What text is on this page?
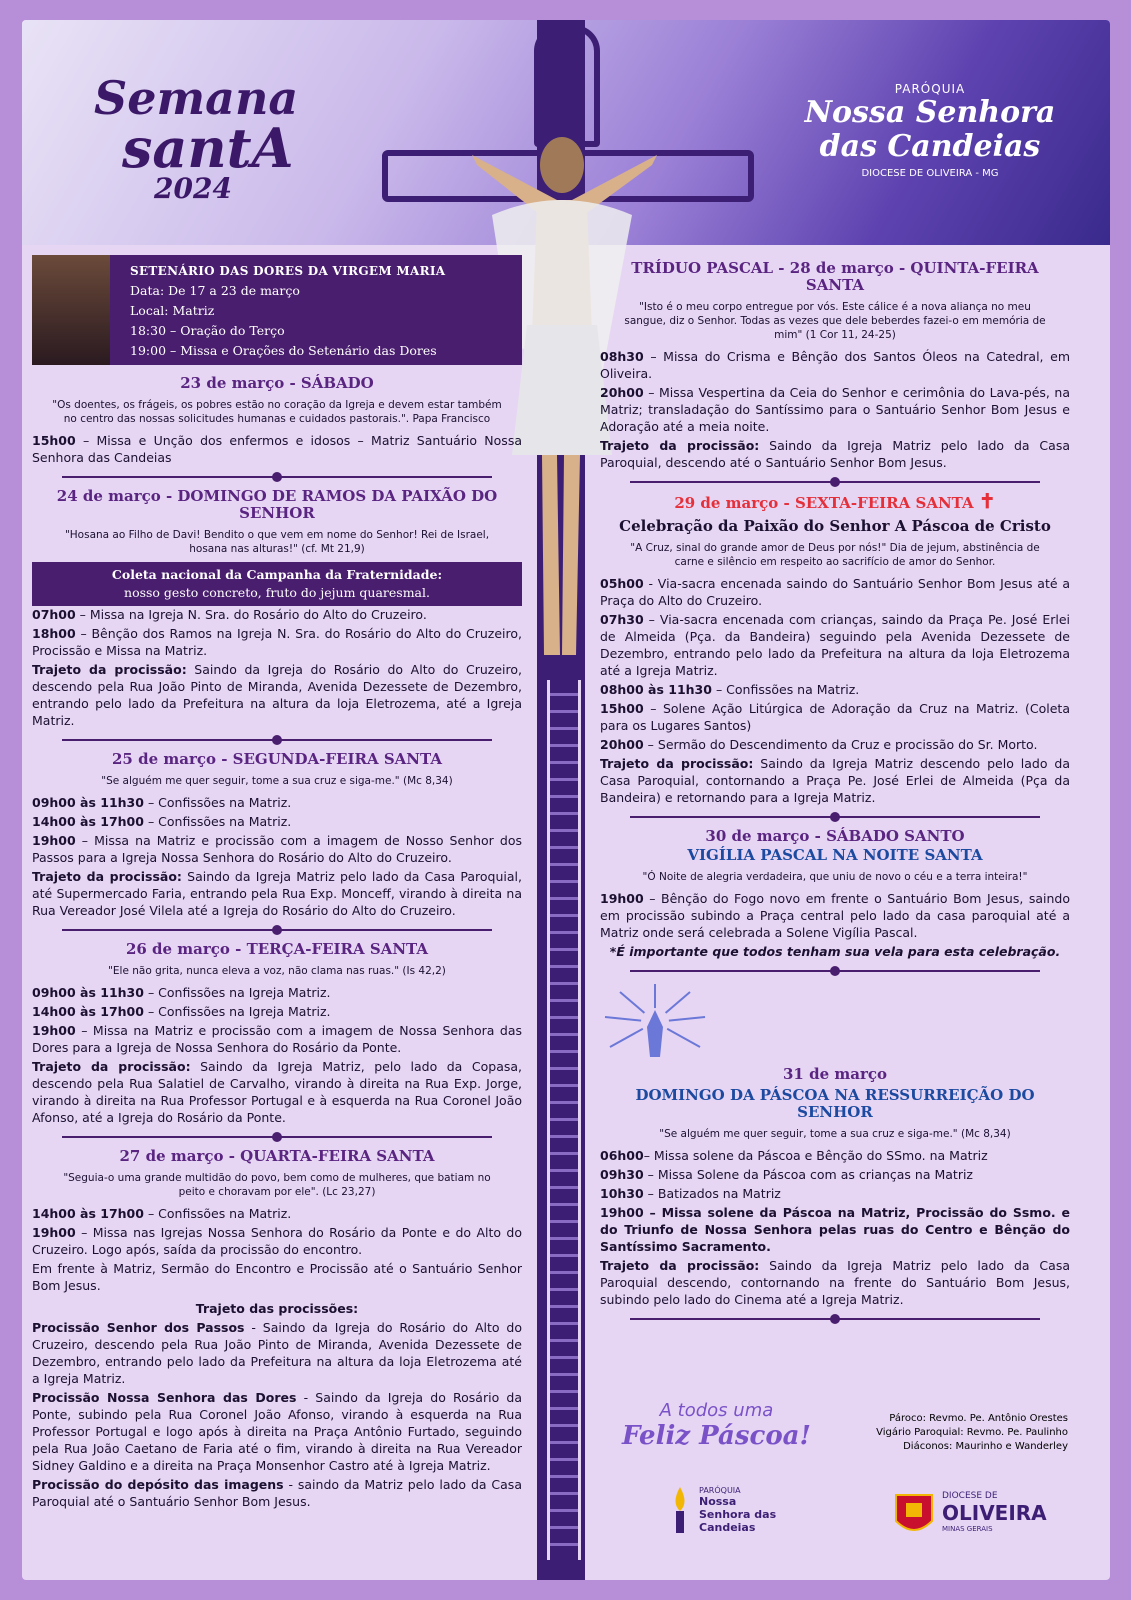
Semana
santA
2024
PARÓQUIA
Nossa Senhora das Candeias
DIOCESE DE OLIVEIRA - MG
SETENÁRIO DAS DORES DA VIRGEM MARIA
Data: De 17 a 23 de março
Local: Matriz
18:30 – Oração do Terço
19:00 – Missa e Orações do Setenário das Dores
23 de março - SÁBADO
"Os doentes, os frágeis, os pobres estão no coração da Igreja e devem estar também no centro das nossas solicitudes humanas e cuidados pastorais.". Papa Francisco
15h00 – Missa e Unção dos enfermos e idosos – Matriz Santuário Nossa Senhora das Candeias
24 de março - DOMINGO DE RAMOS DA PAIXÃO DO SENHOR
"Hosana ao Filho de Davi! Bendito o que vem em nome do Senhor! Rei de Israel, hosana nas alturas!" (cf. Mt 21,9)
Coleta nacional da Campanha da Fraternidade:
nosso gesto concreto, fruto do jejum quaresmal.
07h00 – Missa na Igreja N. Sra. do Rosário do Alto do Cruzeiro.
18h00 – Bênção dos Ramos na Igreja N. Sra. do Rosário do Alto do Cruzeiro, Procissão e Missa na Matriz.
Trajeto da procissão: Saindo da Igreja do Rosário do Alto do Cruzeiro, descendo pela Rua João Pinto de Miranda, Avenida Dezessete de Dezembro, entrando pelo lado da Prefeitura na altura da loja Eletrozema, até a Igreja Matriz.
25 de março - SEGUNDA-FEIRA SANTA
"Se alguém me quer seguir, tome a sua cruz e siga-me." (Mc 8,34)
09h00 às 11h30 – Confissões na Matriz.
14h00 às 17h00 – Confissões na Matriz.
19h00 – Missa na Matriz e procissão com a imagem de Nosso Senhor dos Passos para a Igreja Nossa Senhora do Rosário do Alto do Cruzeiro.
Trajeto da procissão: Saindo da Igreja Matriz pelo lado da Casa Paroquial, até Supermercado Faria, entrando pela Rua Exp. Monceff, virando à direita na Rua Vereador José Vilela até a Igreja do Rosário do Alto do Cruzeiro.
26 de março - TERÇA-FEIRA SANTA
"Ele não grita, nunca eleva a voz, não clama nas ruas." (Is 42,2)
09h00 às 11h30 – Confissões na Igreja Matriz.
14h00 às 17h00 – Confissões na Igreja Matriz.
19h00 – Missa na Matriz e procissão com a imagem de Nossa Senhora das Dores para a Igreja de Nossa Senhora do Rosário da Ponte.
Trajeto da procissão: Saindo da Igreja Matriz, pelo lado da Copasa, descendo pela Rua Salatiel de Carvalho, virando à direita na Rua Exp. Jorge, virando à direita na Rua Professor Portugal e à esquerda na Rua Coronel João Afonso, até a Igreja do Rosário da Ponte.
27 de março - QUARTA-FEIRA SANTA
"Seguia-o uma grande multidão do povo, bem como de mulheres, que batiam no peito e choravam por ele". (Lc 23,27)
14h00 às 17h00 – Confissões na Matriz.
19h00 – Missa nas Igrejas Nossa Senhora do Rosário da Ponte e do Alto do Cruzeiro. Logo após, saída da procissão do encontro.
Em frente à Matriz, Sermão do Encontro e Procissão até o Santuário Senhor Bom Jesus.
Trajeto das procissões:
Procissão Senhor dos Passos - Saindo da Igreja do Rosário do Alto do Cruzeiro, descendo pela Rua João Pinto de Miranda, Avenida Dezessete de Dezembro, entrando pelo lado da Prefeitura na altura da loja Eletrozema até a Igreja Matriz.
Procissão Nossa Senhora das Dores - Saindo da Igreja do Rosário da Ponte, subindo pela Rua Coronel João Afonso, virando à esquerda na Rua Professor Portugal e logo após à direita na Praça Antônio Furtado, seguindo pela Rua João Caetano de Faria até o fim, virando à direita na Rua Vereador Sidney Galdino e a direita na Praça Monsenhor Castro até à Igreja Matriz.
Procissão do depósito das imagens - saindo da Matriz pelo lado da Casa Paroquial até o Santuário Senhor Bom Jesus.
TRÍDUO PASCAL - 28 de março - QUINTA-FEIRA SANTA
"Isto é o meu corpo entregue por vós. Este cálice é a nova aliança no meu sangue, diz o Senhor. Todas as vezes que dele beberdes fazei-o em memória de mim" (1 Cor 11, 24-25)
08h30 – Missa do Crisma e Bênção dos Santos Óleos na Catedral, em Oliveira.
20h00 – Missa Vespertina da Ceia do Senhor e cerimônia do Lava-pés, na Matriz; transladação do Santíssimo para o Santuário Senhor Bom Jesus e Adoração até a meia noite.
Trajeto da procissão: Saindo da Igreja Matriz pelo lado da Casa Paroquial, descendo até o Santuário Senhor Bom Jesus.
29 de março - SEXTA-FEIRA SANTA ✝
Celebração da Paixão do Senhor A Páscoa de Cristo
"A Cruz, sinal do grande amor de Deus por nós!" Dia de jejum, abstinência de carne e silêncio em respeito ao sacrifício de amor do Senhor.
05h00 - Via-sacra encenada saindo do Santuário Senhor Bom Jesus até a Praça do Alto do Cruzeiro.
07h30 – Via-sacra encenada com crianças, saindo da Praça Pe. José Erlei de Almeida (Pça. da Bandeira) seguindo pela Avenida Dezessete de Dezembro, entrando pelo lado da Prefeitura na altura da loja Eletrozema até a Igreja Matriz.
08h00 às 11h30 – Confissões na Matriz.
15h00 – Solene Ação Litúrgica de Adoração da Cruz na Matriz. (Coleta para os Lugares Santos)
20h00 – Sermão do Descendimento da Cruz e procissão do Sr. Morto.
Trajeto da procissão: Saindo da Igreja Matriz descendo pelo lado da Casa Paroquial, contornando a Praça Pe. José Erlei de Almeida (Pça da Bandeira) e retornando para a Igreja Matriz.
30 de março - SÁBADO SANTO
VIGÍLIA PASCAL NA NOITE SANTA
"Ó Noite de alegria verdadeira, que uniu de novo o céu e a terra inteira!"
19h00 – Bênção do Fogo novo em frente o Santuário Bom Jesus, saindo em procissão subindo a Praça central pelo lado da casa paroquial até a Matriz onde será celebrada a Solene Vigília Pascal.
*É importante que todos tenham sua vela para esta celebração.
31 de março
DOMINGO DA PÁSCOA NA RESSURREIÇÃO DO SENHOR
"Se alguém me quer seguir, tome a sua cruz e siga-me." (Mc 8,34)
06h00– Missa solene da Páscoa e Bênção do SSmo. na Matriz
09h30 – Missa Solene da Páscoa com as crianças na Matriz
10h30 – Batizados na Matriz
19h00 – Missa solene da Páscoa na Matriz, Procissão do Ssmo. e do Triunfo de Nossa Senhora pelas ruas do Centro e Bênção do Santíssimo Sacramento.
Trajeto da procissão: Saindo da Igreja Matriz pelo lado da Casa Paroquial descendo, contornando na frente do Santuário Bom Jesus, subindo pelo lado do Cinema até a Igreja Matriz.
A todos uma
Feliz Páscoa!
Pároco: Revmo. Pe. Antônio Orestes
Vigário Paroquial: Revmo. Pe. Paulinho
Diáconos: Maurinho e Wanderley
PARÓQUIA
Nossa Senhora das Candeias
DIOCESE DE
OLIVEIRA
MINAS GERAIS
